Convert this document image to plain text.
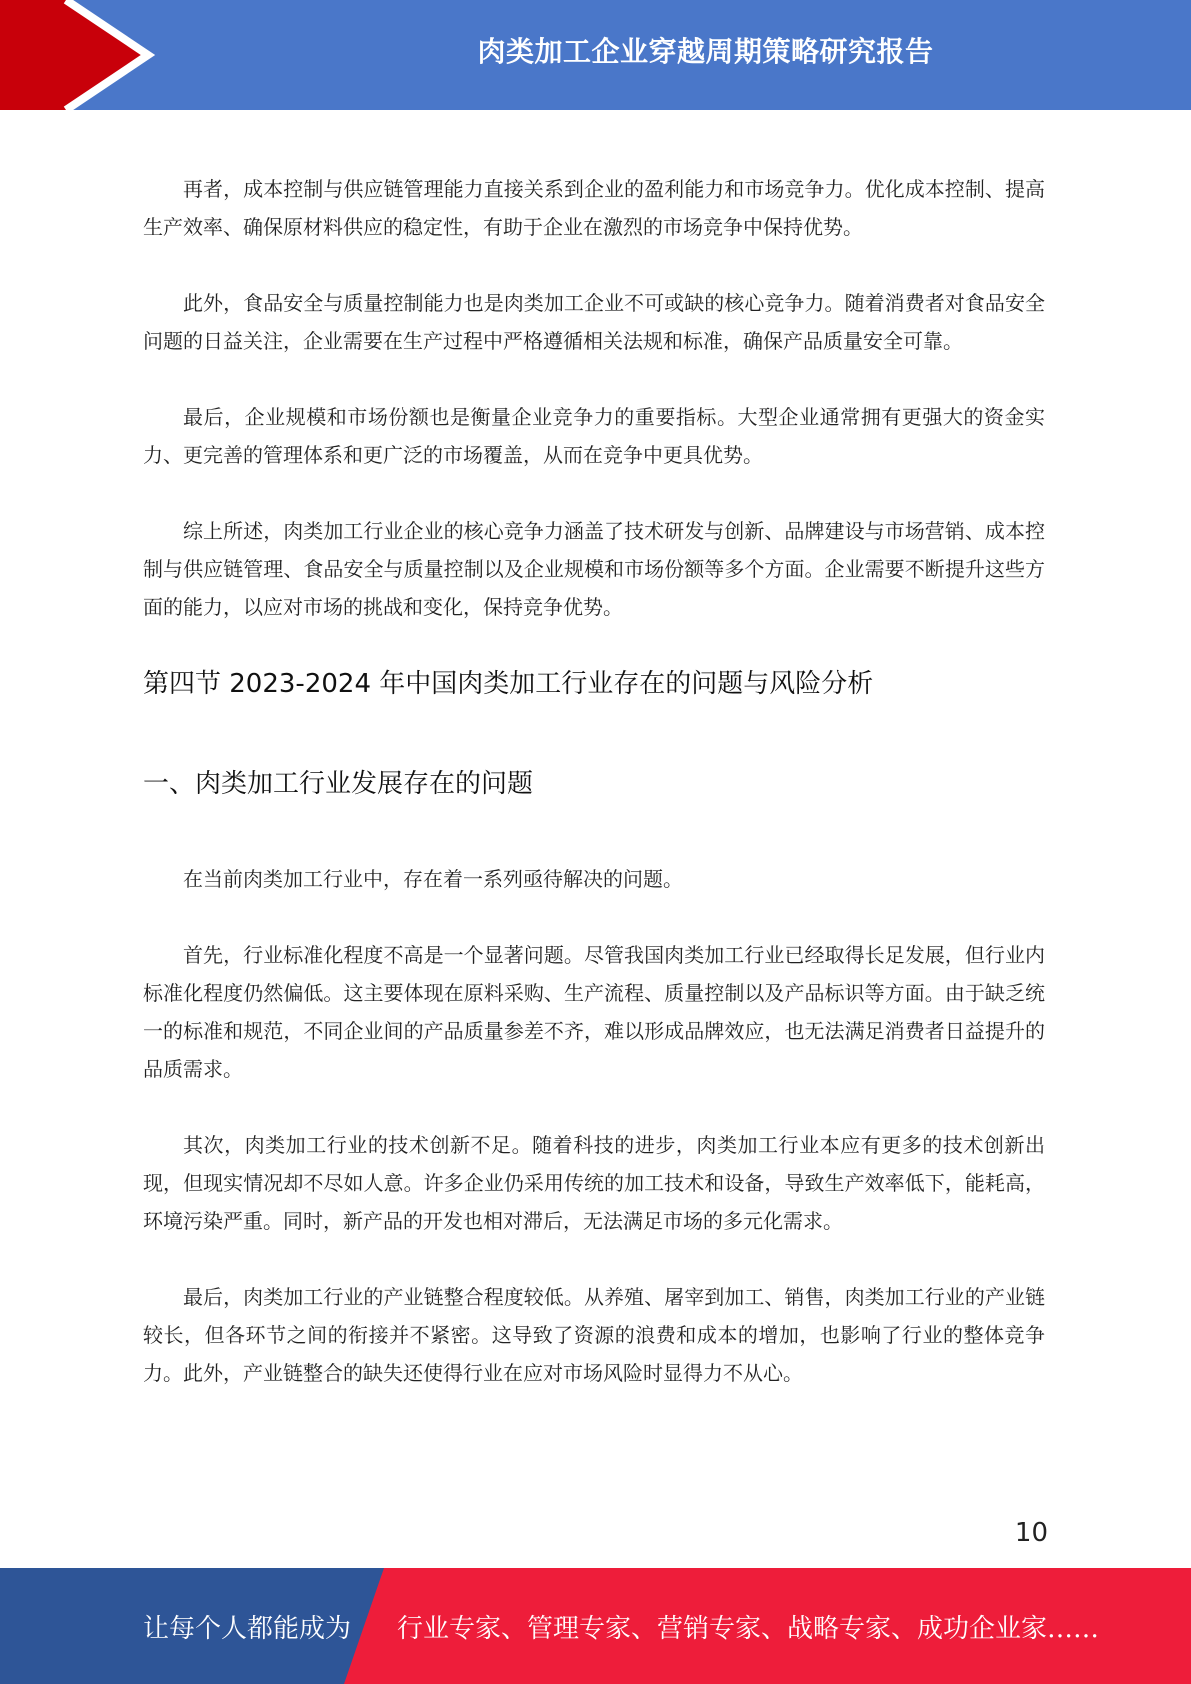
肉类加工企业穿越周期策略研究报告

再者，成本控制与供应链管理能力直接关系到企业的盈利能力和市场竞争力。优化成本控制、提高生产效率、确保原材料供应的稳定性，有助于企业在激烈的市场竞争中保持优势。

此外，食品安全与质量控制能力也是肉类加工企业不可或缺的核心竞争力。随着消费者对食品安全问题的日益关注，企业需要在生产过程中严格遵循相关法规和标准，确保产品质量安全可靠。

最后，企业规模和市场份额也是衡量企业竞争力的重要指标。大型企业通常拥有更强大的资金实力、更完善的管理体系和更广泛的市场覆盖，从而在竞争中更具优势。

综上所述，肉类加工行业企业的核心竞争力涵盖了技术研发与创新、品牌建设与市场营销、成本控制与供应链管理、食品安全与质量控制以及企业规模和市场份额等多个方面。企业需要不断提升这些方面的能力，以应对市场的挑战和变化，保持竞争优势。

第四节 2023-2024 年中国肉类加工行业存在的问题与风险分析
一、肉类加工行业发展存在的问题

在当前肉类加工行业中，存在着一系列亟待解决的问题。

首先，行业标准化程度不高是一个显著问题。尽管我国肉类加工行业已经取得长足发展，但行业内标准化程度仍然偏低。这主要体现在原料采购、生产流程、质量控制以及产品标识等方面。由于缺乏统一的标准和规范，不同企业间的产品质量参差不齐，难以形成品牌效应，也无法满足消费者日益提升的品质需求。

其次，肉类加工行业的技术创新不足。随着科技的进步，肉类加工行业本应有更多的技术创新出现，但现实情况却不尽如人意。许多企业仍采用传统的加工技术和设备，导致生产效率低下，能耗高，环境污染严重。同时，新产品的开发也相对滞后，无法满足市场的多元化需求。

最后，肉类加工行业的产业链整合程度较低。从养殖、屠宰到加工、销售，肉类加工行业的产业链较长，但各环节之间的衔接并不紧密。这导致了资源的浪费和成本的增加，也影响了行业的整体竞争力。此外，产业链整合的缺失还使得行业在应对市场风险时显得力不从心。

10
让每个人都能成为 行业专家、管理专家、营销专家、战略专家、成功企业家……
